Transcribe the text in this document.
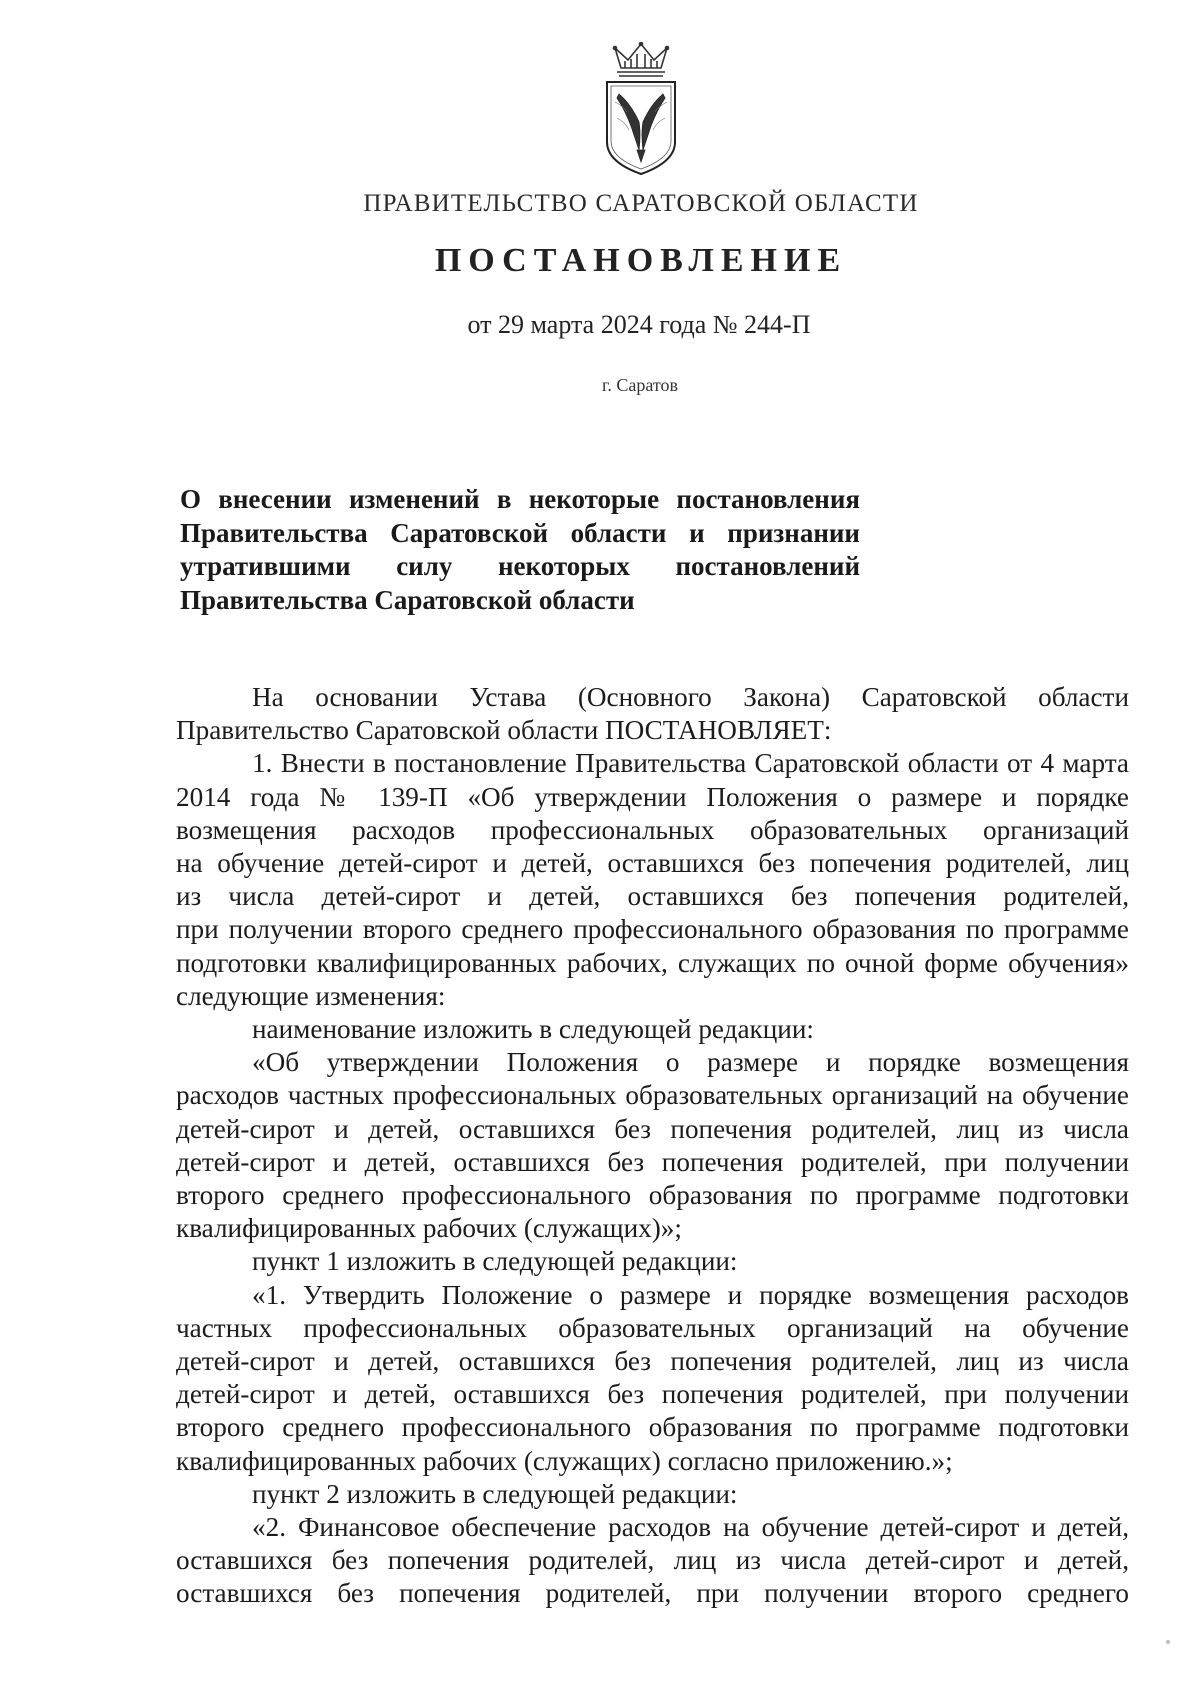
ПРАВИТЕЛЬСТВО САРАТОВСКОЙ ОБЛАСТИ
ПОСТАНОВЛЕНИЕ
от 29 марта 2024 года № 244-П
г. Саратов
О внесении изменений в некоторые постановления
Правительства Саратовской области и признании
утратившими силу некоторых постановлений
Правительства Саратовской области
На основании Устава (Основного Закона) Саратовской области
Правительство Саратовской области ПОСТАНОВЛЯЕТ:
1. Внести в постановление Правительства Саратовской области от 4 марта
2014 года № 139-П «Об утверждении Положения о размере и порядке
возмещения расходов профессиональных образовательных организаций
на обучение детей-сирот и детей, оставшихся без попечения родителей, лиц
из числа детей-сирот и детей, оставшихся без попечения родителей,
при получении второго среднего профессионального образования по программе
подготовки квалифицированных рабочих, служащих по очной форме обучения»
следующие изменения:
наименование изложить в следующей редакции:
«Об утверждении Положения о размере и порядке возмещения
расходов частных профессиональных образовательных организаций на обучение
детей-сирот и детей, оставшихся без попечения родителей, лиц из числа
детей-сирот и детей, оставшихся без попечения родителей, при получении
второго среднего профессионального образования по программе подготовки
квалифицированных рабочих (служащих)»;
пункт 1 изложить в следующей редакции:
«1. Утвердить Положение о размере и порядке возмещения расходов
частных профессиональных образовательных организаций на обучение
детей-сирот и детей, оставшихся без попечения родителей, лиц из числа
детей-сирот и детей, оставшихся без попечения родителей, при получении
второго среднего профессионального образования по программе подготовки
квалифицированных рабочих (служащих) согласно приложению.»;
пункт 2 изложить в следующей редакции:
«2. Финансовое обеспечение расходов на обучение детей-сирот и детей,
оставшихся без попечения родителей, лиц из числа детей-сирот и детей,
оставшихся без попечения родителей, при получении второго среднего
